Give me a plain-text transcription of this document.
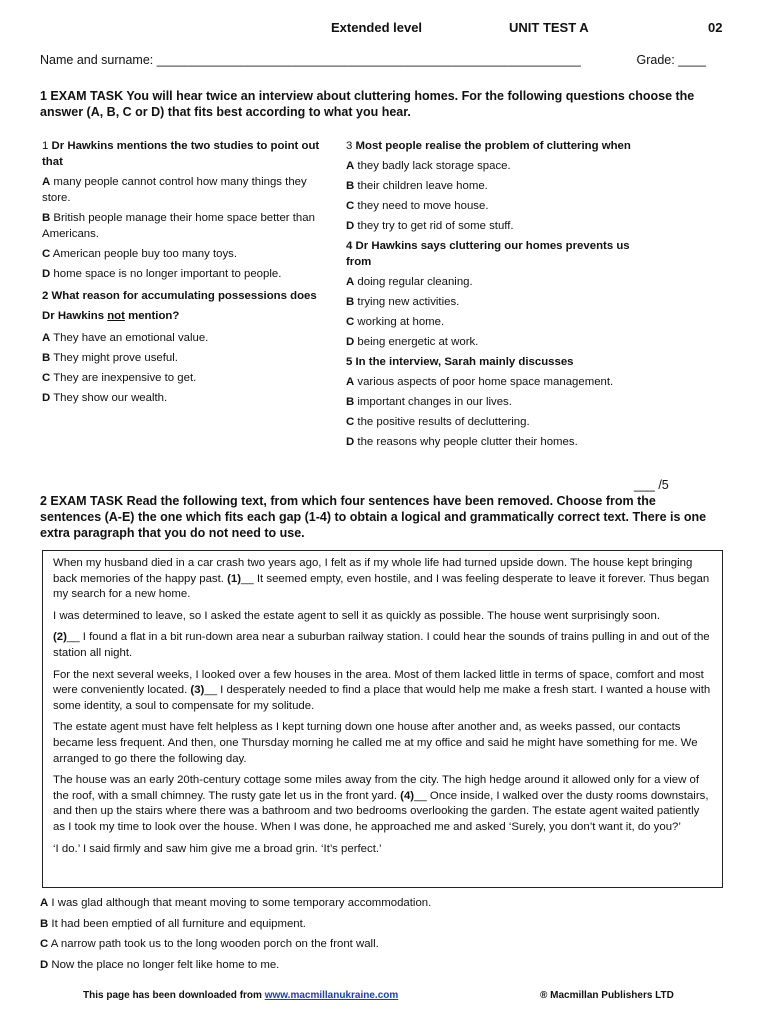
Extended level	UNIT TEST A	02
Name and surname: _____________________________________________________________	Grade: ____
1 EXAM TASK You will hear twice an interview about cluttering homes. For the following questions choose the answer (A, B, C or D) that fits best according to what you hear.

1 Dr Hawkins mentions the two studies to point out that

A many people cannot control how many things they store.

B British people manage their home space better than Americans.

C American people buy too many toys.

D home space is no longer important to people.

2 What reason for accumulating possessions does Dr Hawkins not mention?

A They have an emotional value.

B They might prove useful.

C They are inexpensive to get.

D They show our wealth.

3 Most people realise the problem of cluttering when

A they badly lack storage space.

B their children leave home.

C they need to move house.

D they try to get rid of some stuff.

4 Dr Hawkins says cluttering our homes prevents us from

A doing regular cleaning.

B trying new activities.

C working at home.

D being energetic at work.

5 In the interview, Sarah mainly discusses

A various aspects of poor home space management.

B important changes in our lives.

C the positive results of decluttering.

D the reasons why people clutter their homes.

___ /5
2 EXAM TASK Read the following text, from which four sentences have been removed. Choose from the sentences (A-E) the one which fits each gap (1-4) to obtain a logical and grammatically correct text. There is one extra paragraph that you do not need to use.

When my husband died in a car crash two years ago, I felt as if my whole life had turned upside down. The house kept bringing back memories of the happy past. (1)__ It seemed empty, even hostile, and I was feeling desperate to leave it forever. Thus began my search for a new home.

I was determined to leave, so I asked the estate agent to sell it as quickly as possible. The house went surprisingly soon.

(2)__ I found a flat in a bit run-down area near a suburban railway station. I could hear the sounds of trains pulling in and out of the station all night.

For the next several weeks, I looked over a few houses in the area. Most of them lacked little in terms of space, comfort and most were conveniently located. (3)__ I desperately needed to find a place that would help me make a fresh start. I wanted a house with some identity, a soul to compensate for my solitude.

The estate agent must have felt helpless as I kept turning down one house after another and, as weeks passed, our contacts became less frequent. And then, one Thursday morning he called me at my office and said he might have something for me. We arranged to go there the following day.

The house was an early 20th-century cottage some miles away from the city. The high hedge around it allowed only for a view of the roof, with a small chimney. The rusty gate let us in the front yard. (4)__ Once inside, I walked over the dusty rooms downstairs, and then up the stairs where there was a bathroom and two bedrooms overlooking the garden. The estate agent waited patiently as I took my time to look over the house. When I was done, he approached me and asked ‘Surely, you don’t want it, do you?’

‘I do.’ I said firmly and saw him give me a broad grin. ‘It’s perfect.’

A I was glad although that meant moving to some temporary accommodation.

B It had been emptied of all furniture and equipment.

C A narrow path took us to the long wooden porch on the front wall.

D Now the place no longer felt like home to me.

This page has been downloaded from www.macmillanukraine.com	® Macmillan Publishers LTD
